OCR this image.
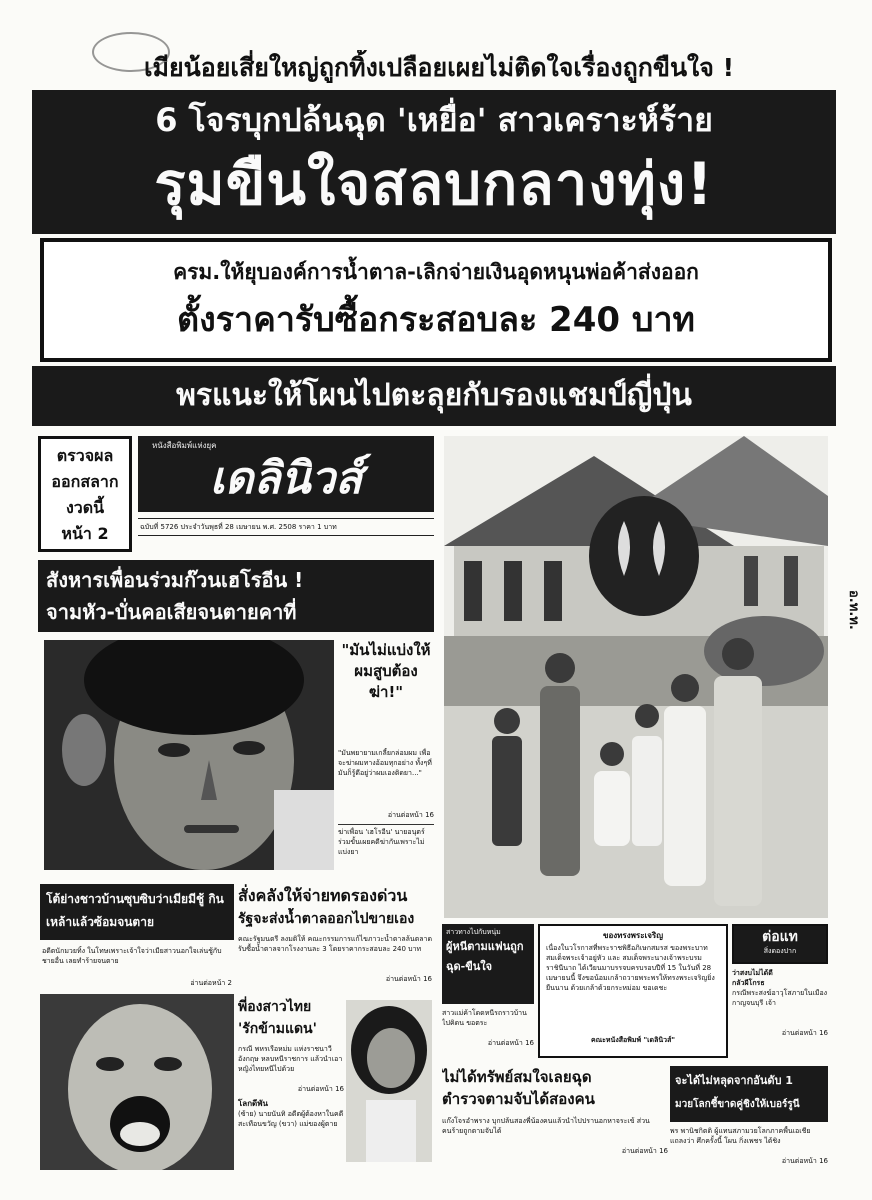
เมียน้อยเสี่ยใหญ่ถูกทิ้งเปลือยเผยไม่ติดใจเรื่องถูกขืนใจ !
6 โจรบุกปล้นฉุด 'เหยื่อ' สาวเคราะห์ร้าย
รุมขืนใจสลบกลางทุ่ง!
ครม.ให้ยุบองค์การน้ำตาล-เลิกจ่ายเงินอุดหนุนพ่อค้าส่งออก
ตั้งราคารับซื้อกระสอบละ 240 บาท
พรแนะให้โผนไปตะลุยกับรองแชมป์ญี่ปุ่น
ตรวจผล
ออกสลาก
งวดนี้
หน้า 2
หนังสือพิมพ์แห่งยุค
เดลินิวส์
ฉบับที่ 5726 ประจำวันพุธที่ 28 เมษายน พ.ศ. 2508 ราคา 1 บาท
อ.ท.ท.
สังหารเพื่อนร่วมก๊วนเฮโรอีน !
จามหัว-บั่นคอเสียจนตายคาที่
"มันไม่แบ่งให้ผมสูบต้องฆ่า!"
"มันพยายามเกลี้ยกล่อมผม เพื่อจะฆ่าผมทางอ้อมทุกอย่าง ทั้งๆที่มันก็รู้ดีอยู่ว่าผมเองติดยา..."
อ่านต่อหน้า 16
ฆ่าเพื่อน 'เฮโรอีน' นายอนุตร์ ร่วมขั้นเผยคดีฆ่ากันเพราะไม่แบ่งยา
โต้ย่างชาวบ้านซุบซิบว่าเมียมีชู้ กินเหล้าแล้วซ้อมจนตาย
อดีตนักมวยทิ้ง ในโทษเพราะเจ้าใจว่าเมียสาวนอกใจเล่นชู้กับชายอื่น เลยทำร้ายจนตาย
อ่านต่อหน้า 2
สั่งคลังให้จ่ายทดรองด่วน
รัฐจะส่งน้ำตาลออกไปขายเอง
คณะรัฐมนตรี ลงมติให้ คณะกรรมการแก้ไขภาวะน้ำตาลล้นตลาด รับซื้อน้ำตาลจากโรงงานละ 3 โดยราคากระสอบละ 240 บาท
อ่านต่อหน้า 16
พี่องสาวไทย
'รักข้ามแดน'
กรณี พหรเรือหม่ม แห่งราชนาวีอังกฤษ หลบหนีราชการ แล้วนำเอาหญิงไทยหนีไปด้วย
อ่านต่อหน้า 16
โลกดีพัน
(ซ้าย) นายนันทิ อดีตผู้ต้องหาในคดีสะเทือนขวัญ (ขวา) แม่ของผู้ตาย
สาวทางไปกับหนุ่ม
ผู้หนีตามแฟนถูกฉุด-ขืนใจ
สาวแม่ค้าโดดหนีรถราวบ้านไปคิดน ขอตระ
อ่านต่อหน้า 16
ของทรงพระเจริญ
เนื่องในวโรกาสที่พระราชพิธีอภิเษกสมรส ของพระบาทสมเด็จพระเจ้าอยู่หัว และ สมเด็จพระนางเจ้าพระบรมราชินีนาถ ได้เวียนมาบรรจบครบรอบปีที่ 15 ในวันที่ 28 เมษายนนี้ จึงขอน้อมเกล้าถวายพระพรให้ทรงพระเจริญยิ่งยืนนาน ด้วยเกล้าด้วยกระหม่อม ขอเดชะ
คณะหนังสือพิมพ์ "เดลินิวส์"
ต่อแท
สิ่งดองปาก
ว่าสงบไม่ได้ดี
กลัวผีโกรธ
กรณีพระสงฆ์อาวุโสภายในเมืองกาญจนบุรี เจ้า
อ่านต่อหน้า 16
ไม่ได้ทรัพย์สมใจเลยฉุด
ตำรวจตามจับได้สองคน
แก๊งโจรอำพราง บุกปล้นสองพี่น้องคนแล้วนำไปปรานอกหาจระเข้ ส่วนคนร้ายถูกตามจับได้
อ่านต่อหน้า 16
จะได้ไม่หลุดจากอันดับ 1
มวยโลกชี้ขาดคู่ชิงให้เบอร์รูนี
พร พานิชกิตติ ผู้แทนสภามวยโลกภาคพื้นเอเชีย แถลงว่า ศึกครั้งนี้ โผน กิ่งเพชร ได้ชิง
อ่านต่อหน้า 16
